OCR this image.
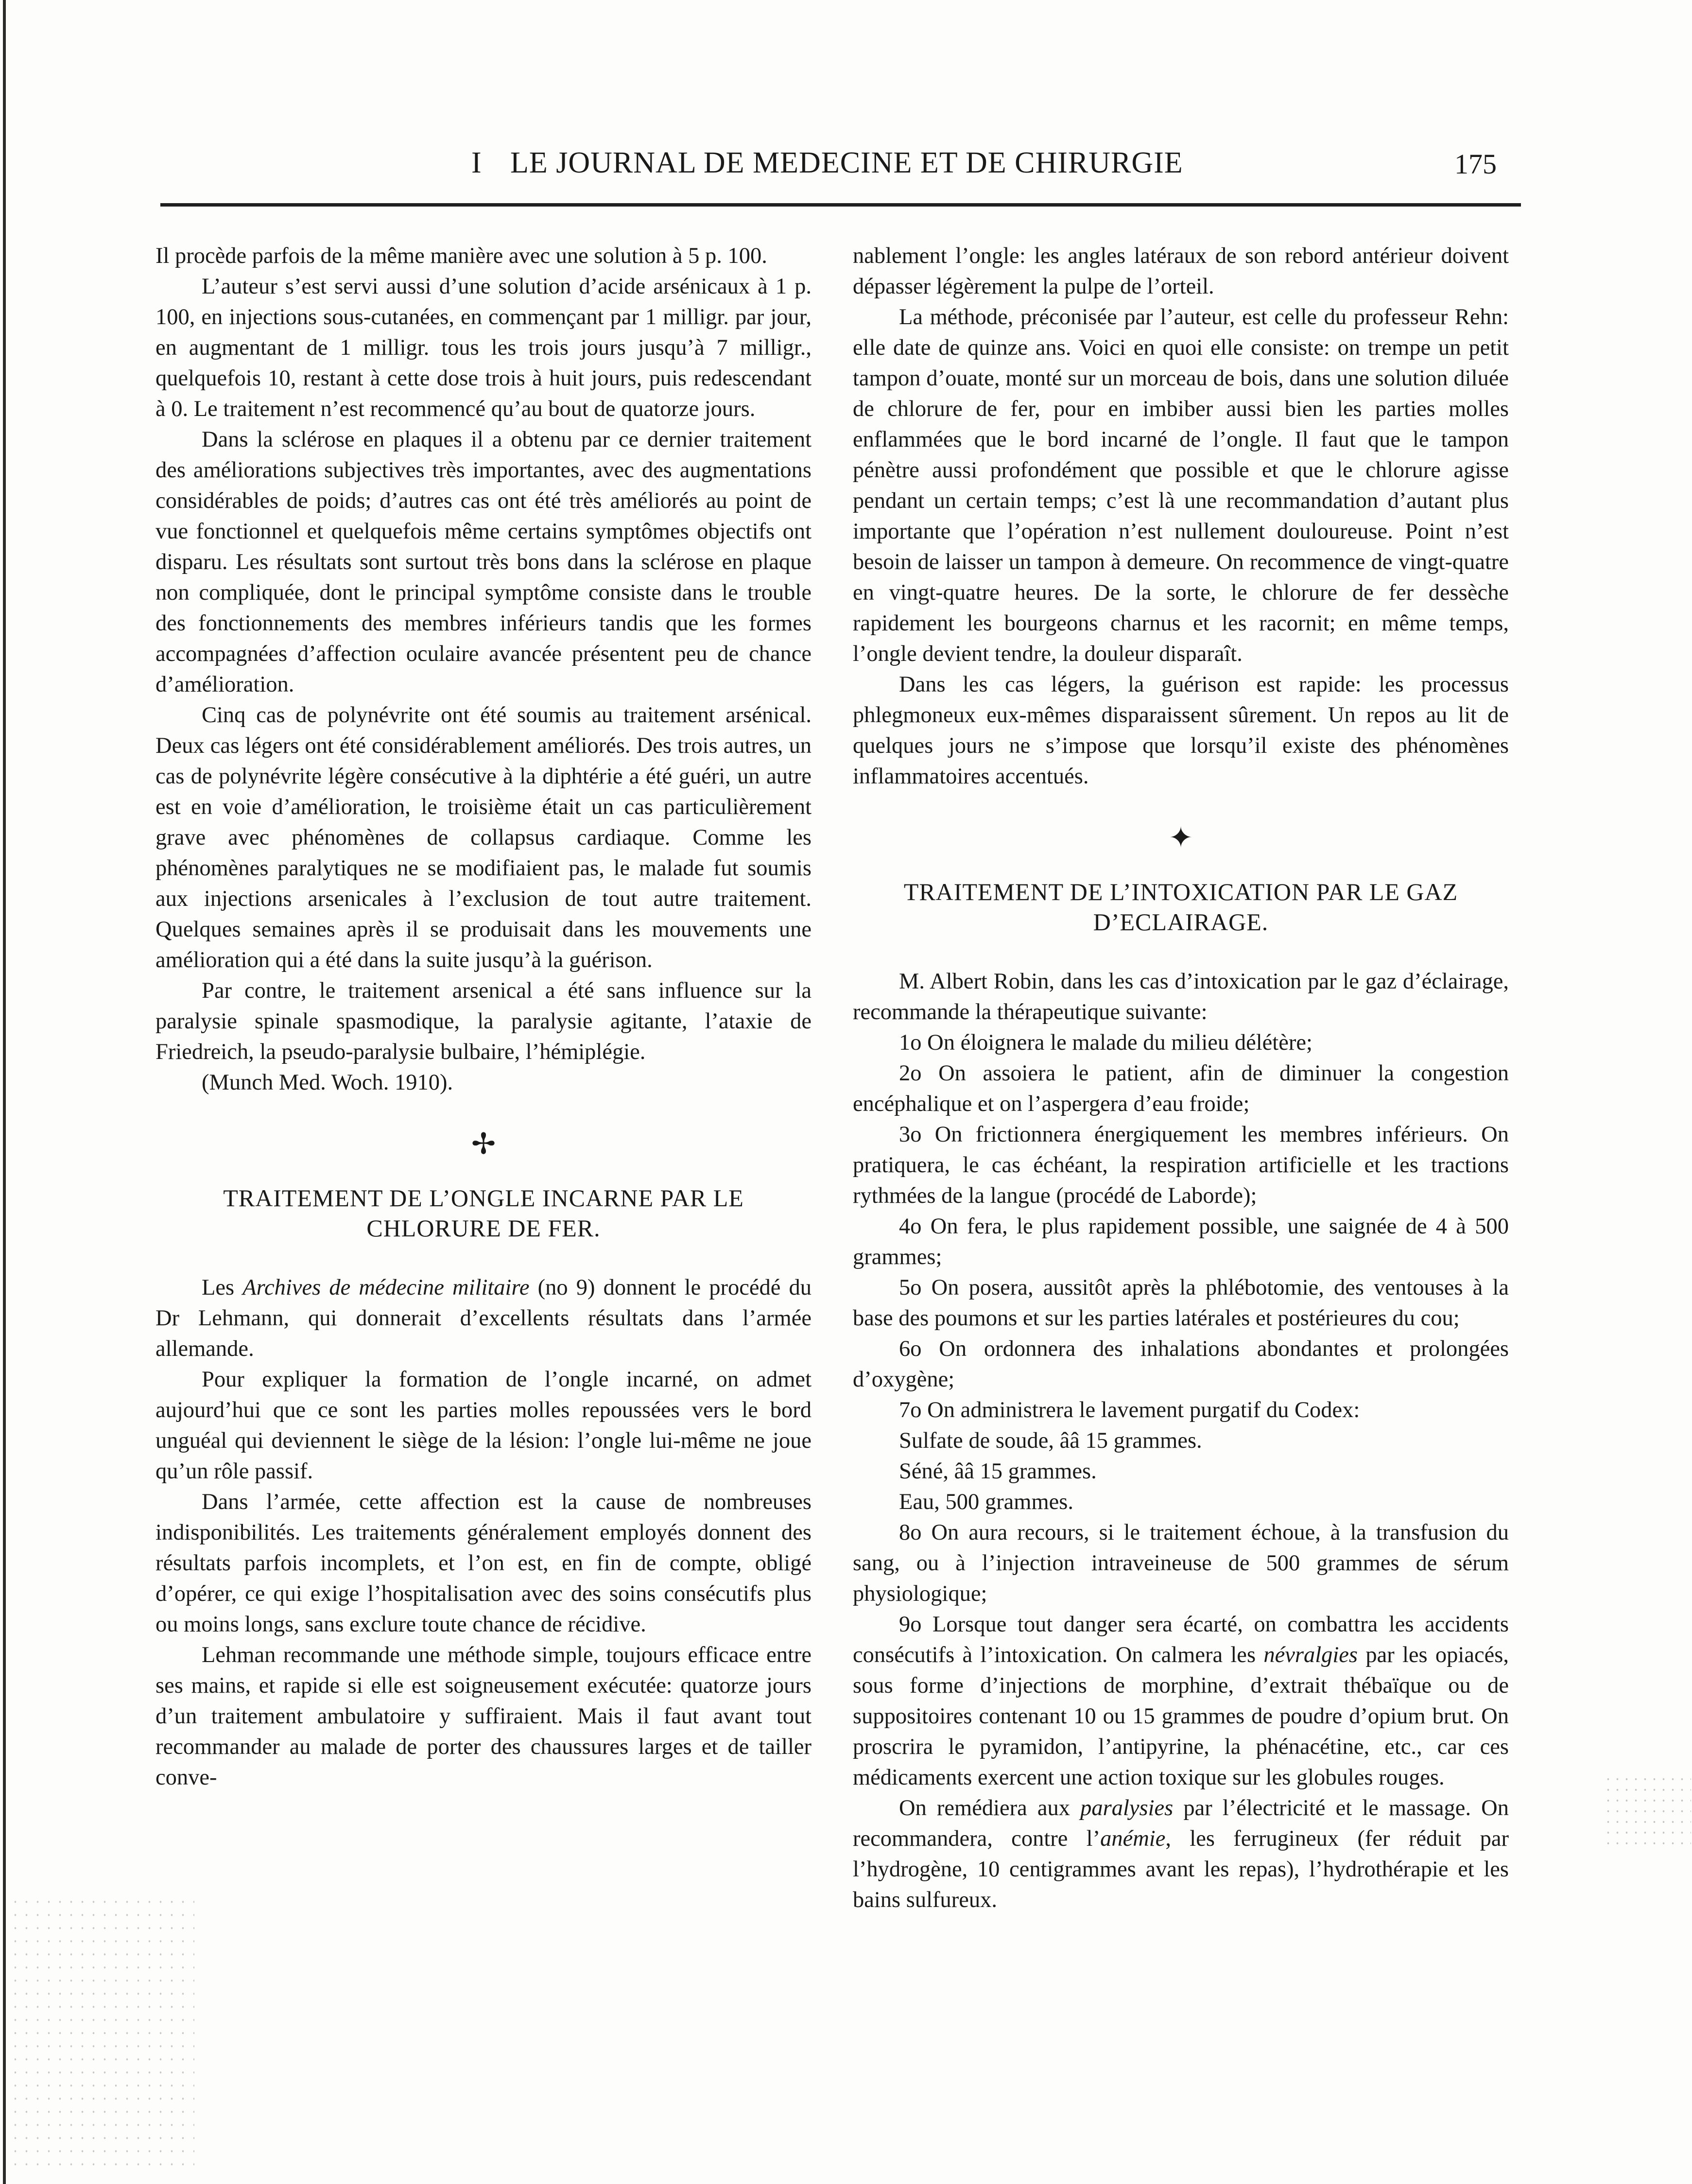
I LE JOURNAL DE MEDECINE ET DE CHIRURGIE	175

Il procède parfois de la même manière avec une solution à 5 p. 100.

L’auteur s’est servi aussi d’une solution d’acide arsénicaux à 1 p. 100, en injections sous-cutanées, en commençant par 1 milligr. par jour, en augmentant de 1 milligr. tous les trois jours jusqu’à 7 milligr., quelquefois 10, restant à cette dose trois à huit jours, puis redescendant à 0. Le traitement n’est recommencé qu’au bout de quatorze jours.

Dans la sclérose en plaques il a obtenu par ce dernier traitement des améliorations subjectives très importantes, avec des augmentations considérables de poids; d’autres cas ont été très améliorés au point de vue fonctionnel et quelquefois même certains symptômes objectifs ont disparu. Les résultats sont surtout très bons dans la sclérose en plaque non compliquée, dont le principal symptôme consiste dans le trouble des fonctionnements des membres inférieurs tandis que les formes accompagnées d’affection oculaire avancée présentent peu de chance d’amélioration.

Cinq cas de polynévrite ont été soumis au traitement arsénical. Deux cas légers ont été considérablement améliorés. Des trois autres, un cas de polynévrite légère consécutive à la diphtérie a été guéri, un autre est en voie d’amélioration, le troisième était un cas particulièrement grave avec phénomènes de collapsus cardiaque. Comme les phénomènes paralytiques ne se modifiaient pas, le malade fut soumis aux injections arsenicales à l’exclusion de tout autre traitement. Quelques semaines après il se produisait dans les mouvements une amélioration qui a été dans la suite jusqu’à la guérison.

Par contre, le traitement arsenical a été sans influence sur la paralysie spinale spasmodique, la paralysie agitante, l’ataxie de Friedreich, la pseudo-paralysie bulbaire, l’hémiplégie.

(Munch Med. Woch. 1910).

✢
TRAITEMENT DE L’ONGLE INCARNE PAR LE
CHLORURE DE FER.

Les Archives de médecine militaire (no 9) donnent le procédé du Dr Lehmann, qui donnerait d’excellents résultats dans l’armée allemande.

Pour expliquer la formation de l’ongle incarné, on admet aujourd’hui que ce sont les parties molles repoussées vers le bord unguéal qui deviennent le siège de la lésion: l’ongle lui-même ne joue qu’un rôle passif.

Dans l’armée, cette affection est la cause de nombreuses indisponibilités. Les traitements généralement employés donnent des résultats parfois incomplets, et l’on est, en fin de compte, obligé d’opérer, ce qui exige l’hospitalisation avec des soins consécutifs plus ou moins longs, sans exclure toute chance de récidive.

Lehman recommande une méthode simple, toujours efficace entre ses mains, et rapide si elle est soigneusement exécutée: quatorze jours d’un traitement ambulatoire y suffiraient. Mais il faut avant tout recommander au malade de porter des chaussures larges et de tailler conve-

nablement l’ongle: les angles latéraux de son rebord antérieur doivent dépasser légèrement la pulpe de l’orteil.

La méthode, préconisée par l’auteur, est celle du professeur Rehn: elle date de quinze ans. Voici en quoi elle consiste: on trempe un petit tampon d’ouate, monté sur un morceau de bois, dans une solution diluée de chlorure de fer, pour en imbiber aussi bien les parties molles enflammées que le bord incarné de l’ongle. Il faut que le tampon pénètre aussi profondément que possible et que le chlorure agisse pendant un certain temps; c’est là une recommandation d’autant plus importante que l’opération n’est nullement douloureuse. Point n’est besoin de laisser un tampon à demeure. On recommence de vingt-quatre en vingt-quatre heures. De la sorte, le chlorure de fer dessèche rapidement les bourgeons charnus et les racornit; en même temps, l’ongle devient tendre, la douleur disparaît.

Dans les cas légers, la guérison est rapide: les processus phlegmoneux eux-mêmes disparaissent sûrement. Un repos au lit de quelques jours ne s’impose que lorsqu’il existe des phénomènes inflammatoires accentués.

✦
TRAITEMENT DE L’INTOXICATION PAR LE GAZ
D’ECLAIRAGE.

M. Albert Robin, dans les cas d’intoxication par le gaz d’éclairage, recommande la thérapeutique suivante:

1o On éloignera le malade du milieu délétère;

2o On assoiera le patient, afin de diminuer la congestion encéphalique et on l’aspergera d’eau froide;

3o On frictionnera énergiquement les membres inférieurs. On pratiquera, le cas échéant, la respiration artificielle et les tractions rythmées de la langue (procédé de Laborde);

4o On fera, le plus rapidement possible, une saignée de 4 à 500 grammes;

5o On posera, aussitôt après la phlébotomie, des ventouses à la base des poumons et sur les parties latérales et postérieures du cou;

6o On ordonnera des inhalations abondantes et prolongées d’oxygène;

7o On administrera le lavement purgatif du Codex:

Sulfate de soude, ââ 15 grammes.

Séné, ââ 15 grammes.

Eau, 500 grammes.

8o On aura recours, si le traitement échoue, à la transfusion du sang, ou à l’injection intraveineuse de 500 grammes de sérum physiologique;

9o Lorsque tout danger sera écarté, on combattra les accidents consécutifs à l’intoxication. On calmera les névralgies par les opiacés, sous forme d’injections de morphine, d’extrait thébaïque ou de suppositoires contenant 10 ou 15 grammes de poudre d’opium brut. On proscrira le pyramidon, l’antipyrine, la phénacétine, etc., car ces médicaments exercent une action toxique sur les globules rouges.

On remédiera aux paralysies par l’électricité et le massage. On recommandera, contre l’anémie, les ferrugineux (fer réduit par l’hydrogène, 10 centigrammes avant les repas), l’hydrothérapie et les bains sulfureux.
